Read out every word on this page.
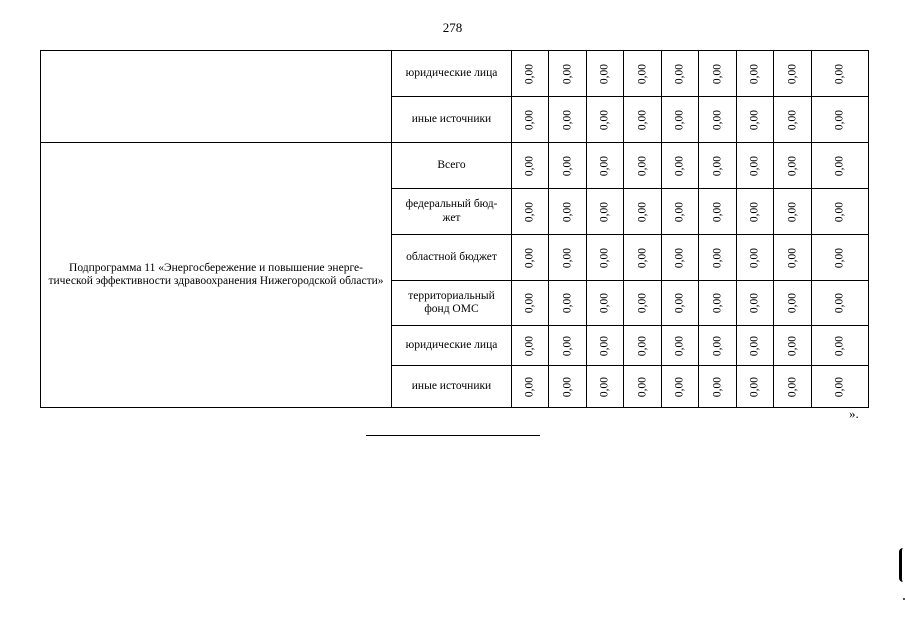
278
	юридические лица	0,00	0,00	0,00	0,00	0,00	0,00	0,00	0,00	0,00

	иные источники	0,00	0,00	0,00	0,00	0,00	0,00	0,00	0,00	0,00

Подпрограмма 11 «Энергосбережение и повышение энерге- тической эффективности здравоохранения Нижегородской области»	Всего	0,00	0,00	0,00	0,00	0,00	0,00	0,00	0,00	0,00

	федеральный бюд- жет	0,00	0,00	0,00	0,00	0,00	0,00	0,00	0,00	0,00

	областной бюджет	0,00	0,00	0,00	0,00	0,00	0,00	0,00	0,00	0,00

	территориальный фонд ОМС	0,00	0,00	0,00	0,00	0,00	0,00	0,00	0,00	0,00

	юридические лица	0,00	0,00	0,00	0,00	0,00	0,00	0,00	0,00	0,00

	иные источники	0,00	0,00	0,00	0,00	0,00	0,00	0,00	0,00	0,00
».
